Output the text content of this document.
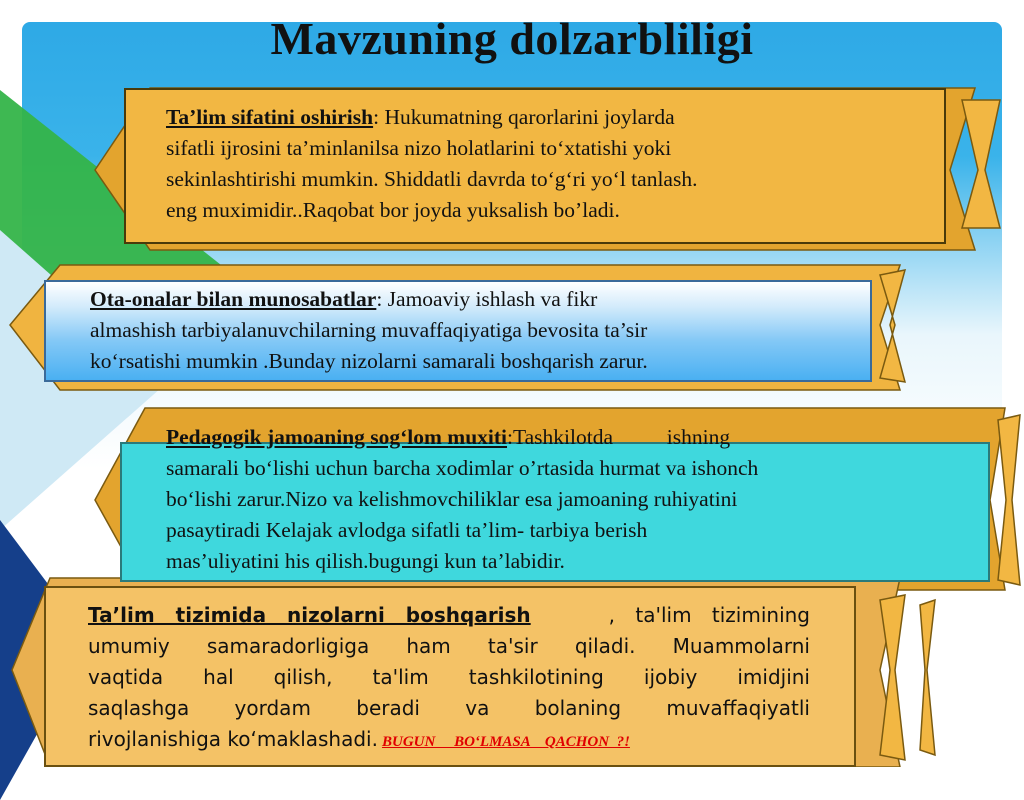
Mavzuning dolzarbliligi
Ta’lim sifatini oshirish: Hukumatning qarorlarini joylarda
sifatli ijrosini ta’minlanilsa nizo holatlarini to‘xtatishi yoki
sekinlashtirishi mumkin. Shiddatli davrda to‘g‘ri yo‘l tanlash.
eng muximidir..Raqobat bor joyda yuksalish bo’ladi.
Ota-onalar bilan munosabatlar: Jamoaviy ishlash va fikr
almashish tarbiyalanuvchilarning muvaffaqiyatiga bevosita ta’sir
ko‘rsatishi mumkin .Bunday nizolarni samarali boshqarish zarur.
Pedagogik jamoaning sog‘lom muxiti:Tashkilotda          ishning
samarali bo‘lishi uchun barcha xodimlar o’rtasida hurmat va ishonch
bo‘lishi zarur.Nizo va kelishmovchiliklar esa jamoaning ruhiyatini
pasaytiradi Kelajak avlodga sifatli ta’lim- tarbiya berish
mas’uliyatini his qilish.bugungi kun ta’labidir.
Ta’lim tizimida nizolarni boshqarish	, ta'lim tizimining
umumiy samaradorligiga ham ta'sir qiladi. Muammolarni
vaqtida hal qilish, ta'lim tashkilotining ijobiy imidjini
saqlashga yordam beradi va bolaning muvaffaqiyatli
rivojlanishiga ko‘maklashadi. BUGUN     BO‘LMASA    QACHON  ?!
